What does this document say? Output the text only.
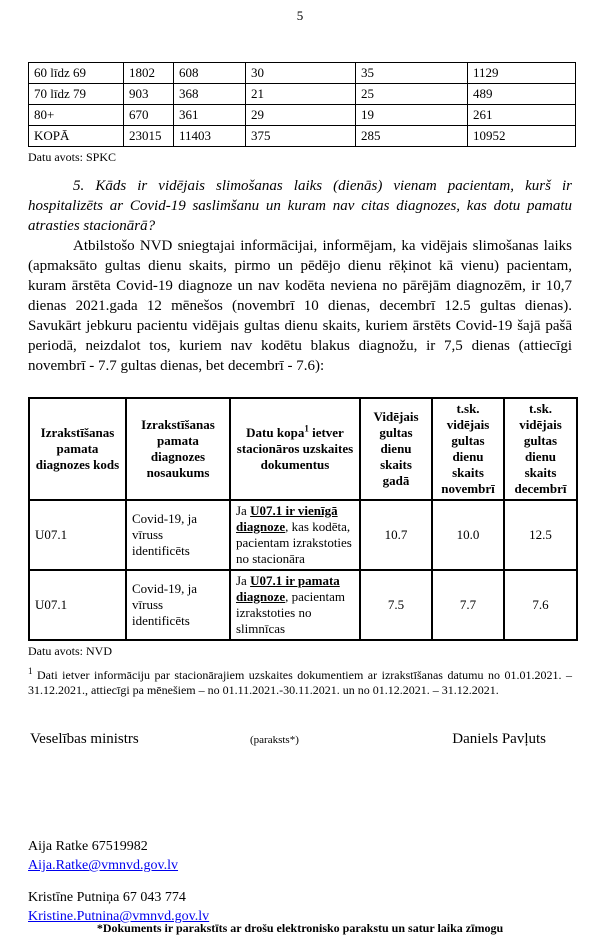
5
60 līdz 69	1802	608	30	35	1129
70 līdz 79	903	368	21	25	489
80+	670	361	29	19	261
KOPĀ	23015	11403	375	285	10952
Datu avots: SPKC

5. Kāds ir vidējais slimošanas laiks (dienās) vienam pacientam, kurš ir hospitalizēts ar Covid-19 saslimšanu un kuram nav citas diagnozes, kas dotu pamatu atrasties stacionārā?

Atbilstošo NVD sniegtajai informācijai, informējam, ka vidējais slimošanas laiks (apmaksāto gultas dienu skaits, pirmo un pēdējo dienu rēķinot kā vienu) pacientam, kuram ārstēta Covid-19 diagnoze un nav kodēta neviena no pārējām diagnozēm, ir 10,7 dienas 2021.gada 12 mēnešos (novembrī 10 dienas, decembrī 12.5 gultas dienas). Savukārt jebkuru pacientu vidējais gultas dienu skaits, kuriem ārstēts Covid-19 šajā pašā periodā, neizdalot tos, kuriem nav kodētu blakus diagnožu, ir 7,5 dienas (attiecīgi novembrī - 7.7 gultas dienas, bet decembrī - 7.6):

Izrakstīšanas pamata diagnozes kods	Izrakstīšanas pamata diagnozes nosaukums	Datu kopa$^1$ ietver stacionāros uzskaites dokumentus	Vidējais gultas dienu skaits gadā	t.sk. vidējais gultas dienu skaits novembrī	t.sk. vidējais gultas dienu skaits decembrī
U07.1	Covid-19, ja vīruss identificēts	Ja U07.1 ir vienīgā diagnoze, kas kodēta, pacientam izrakstoties no stacionāra	10.7	10.0	12.5
U07.1	Covid-19, ja vīruss identificēts	Ja U07.1 ir pamata diagnoze, pacientam izrakstoties no slimnīcas	7.5	7.7	7.6
Datu avots: NVD

$^1$ Dati ietver informāciju par stacionārajiem uzskaites dokumentiem ar izrakstīšanas datumu no 01.01.2021. – 31.12.2021., attiecīgi pa mēnešiem – no 01.11.2021.-30.11.2021. un no 01.12.2021. – 31.12.2021.

Veselības ministrs	(paraksts*)	Daniels Pavļuts
Aija Ratke 67519982
Aija.Ratke@vmnvd.gov.lv
Kristīne Putniņa 67 043 774
Kristine.Putnina@vmnvd.gov.lv
*Dokuments ir parakstīts ar drošu elektronisko parakstu un satur laika zīmogu
